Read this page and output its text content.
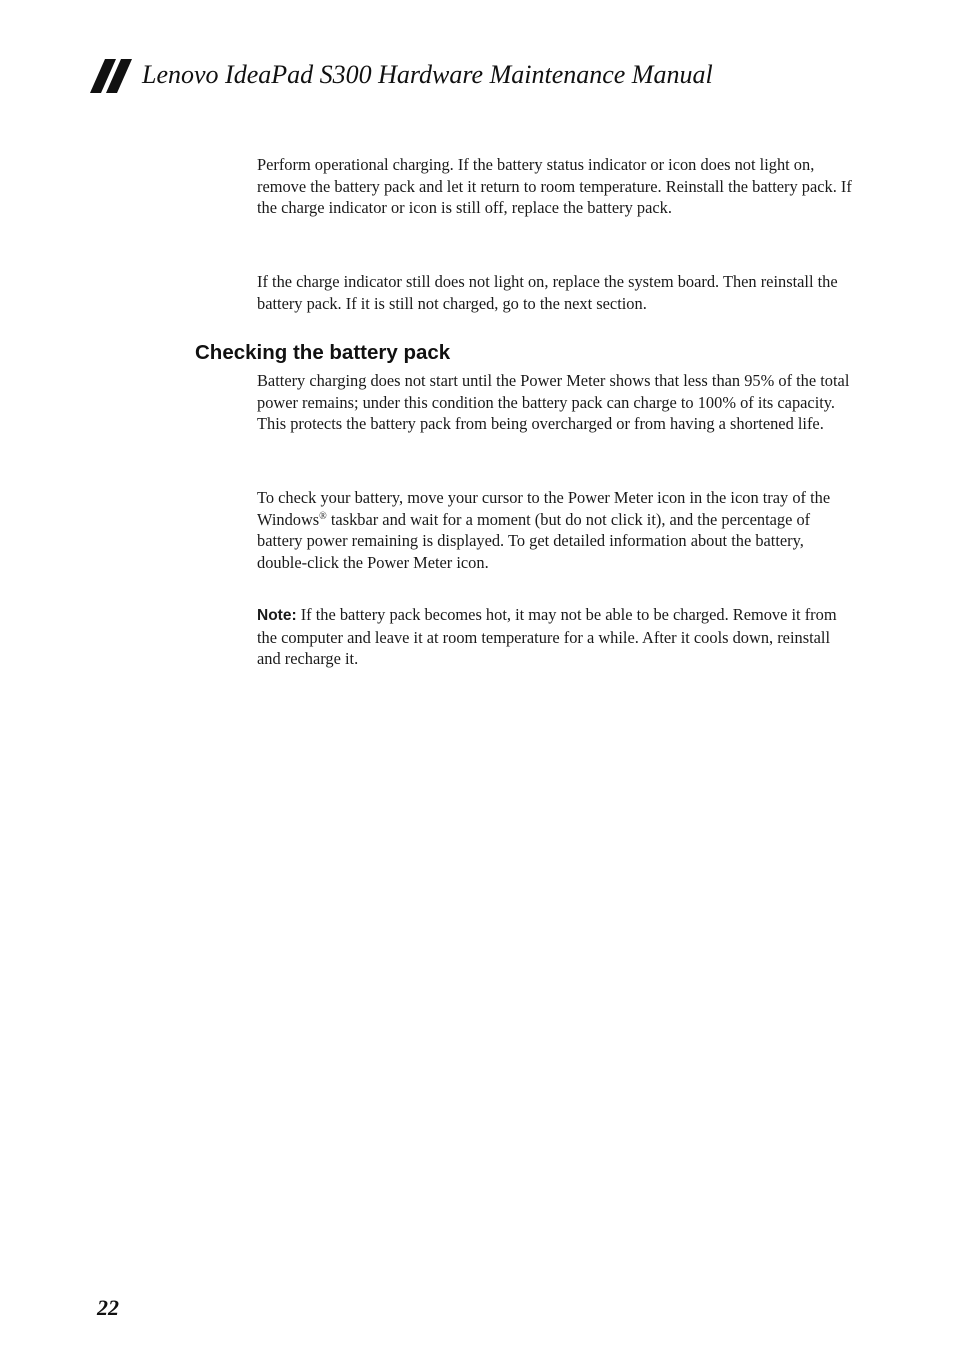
Lenovo IdeaPad S300 Hardware Maintenance Manual

Perform operational charging. If the battery status indicator or icon does not light on, remove the battery pack and let it return to room temperature. Reinstall the battery pack. If the charge indicator or icon is still off, replace the battery pack.

If the charge indicator still does not light on, replace the system board. Then reinstall the battery pack. If it is still not charged, go to the next section.

Checking the battery pack

Battery charging does not start until the Power Meter shows that less than 95% of the total power remains; under this condition the battery pack can charge to 100% of its capacity. This protects the battery pack from being overcharged or from having a shortened life.

To check your battery, move your cursor to the Power Meter icon in the icon tray of the Windows® taskbar and wait for a moment (but do not click it), and the percentage of battery power remaining is displayed. To get detailed information about the battery, double-click the Power Meter icon.

Note: If the battery pack becomes hot, it may not be able to be charged. Remove it from the computer and leave it at room temperature for a while. After it cools down, reinstall and recharge it.

22
